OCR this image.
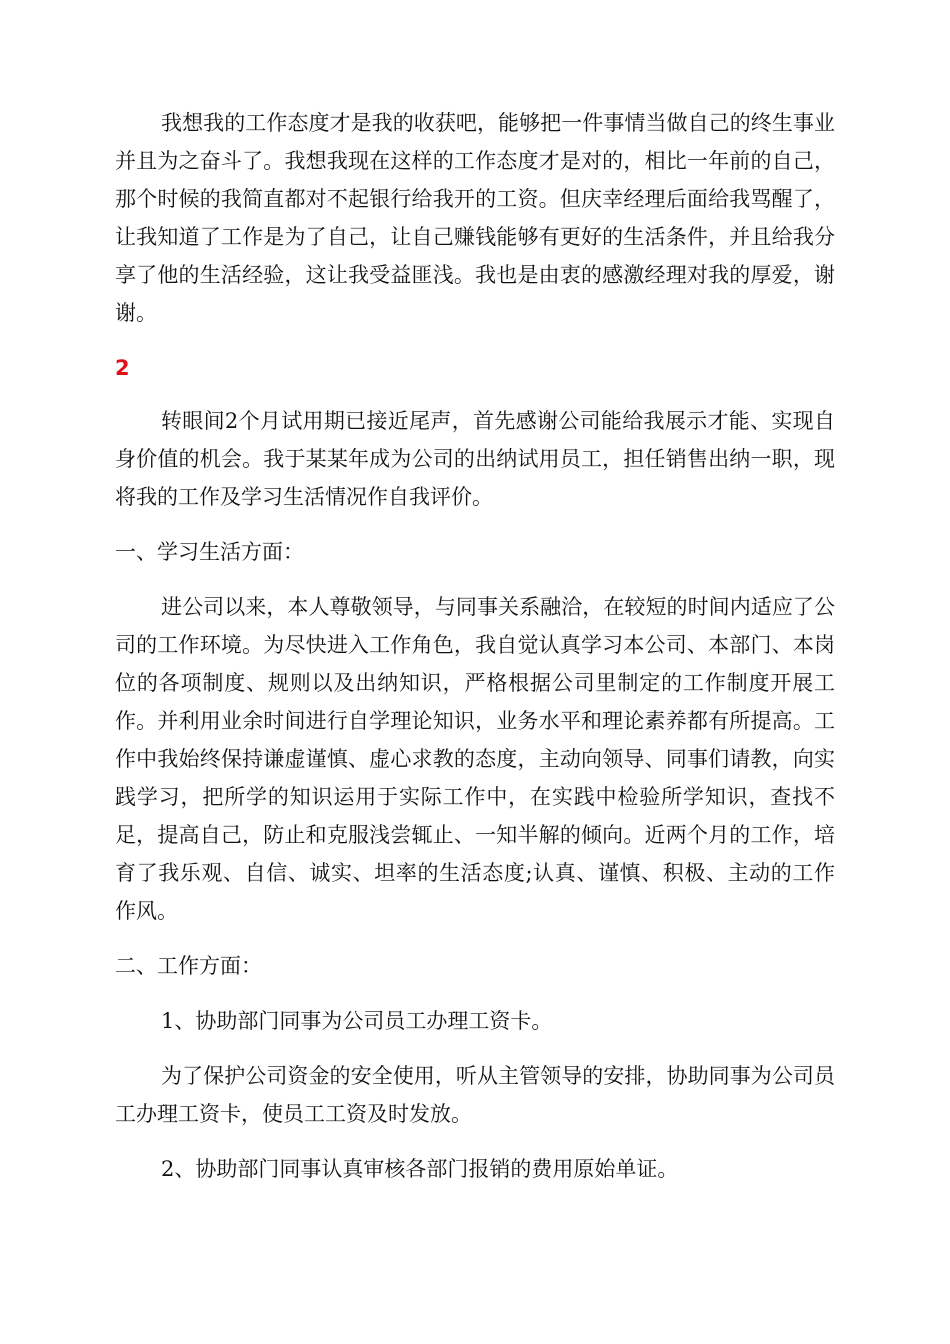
我想我的工作态度才是我的收获吧，能够把一件事情当做自己的终生事业并且为之奋斗了。我想我现在这样的工作态度才是对的，相比一年前的自己，那个时候的我简直都对不起银行给我开的工资。但庆幸经理后面给我骂醒了，让我知道了工作是为了自己，让自己赚钱能够有更好的生活条件，并且给我分享了他的生活经验，这让我受益匪浅。我也是由衷的感激经理对我的厚爱，谢谢。

2

转眼间2个月试用期已接近尾声，首先感谢公司能给我展示才能、实现自身价值的机会。我于某某年成为公司的出纳试用员工，担任销售出纳一职，现将我的工作及学习生活情况作自我评价。

一、学习生活方面：

进公司以来，本人尊敬领导，与同事关系融洽，在较短的时间内适应了公司的工作环境。为尽快进入工作角色，我自觉认真学习本公司、本部门、本岗位的各项制度、规则以及出纳知识，严格根据公司里制定的工作制度开展工作。并利用业余时间进行自学理论知识，业务水平和理论素养都有所提高。工作中我始终保持谦虚谨慎、虚心求教的态度，主动向领导、同事们请教，向实践学习，把所学的知识运用于实际工作中，在实践中检验所学知识，查找不足，提高自己，防止和克服浅尝辄止、一知半解的倾向。近两个月的工作，培育了我乐观、自信、诚实、坦率的生活态度;认真、谨慎、积极、主动的工作作风。

二、工作方面：

1、协助部门同事为公司员工办理工资卡。

为了保护公司资金的安全使用，听从主管领导的安排，协助同事为公司员工办理工资卡，使员工工资及时发放。

2、协助部门同事认真审核各部门报销的费用原始单证。
